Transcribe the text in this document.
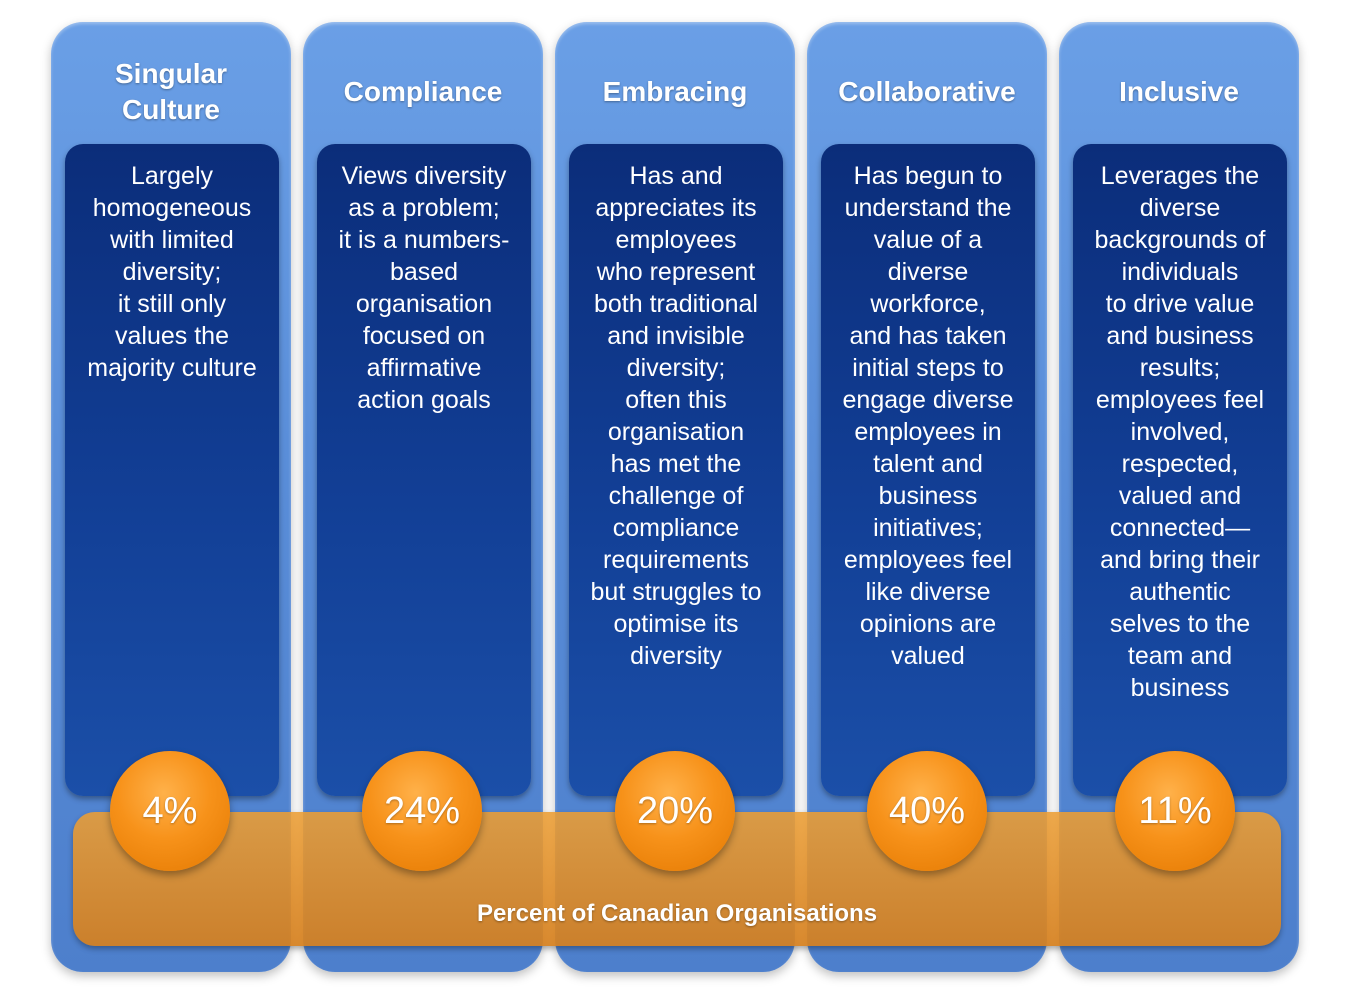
Singular
Culture
Largely
homogeneous
with limited
diversity;
it still only
values the
majority culture
Compliance
Views diversity
as a problem;
it is a numbers-
based
organisation
focused on
affirmative
action goals
Embracing
Has and
appreciates its
employees
who represent
both traditional
and invisible
diversity;
often this
organisation
has met the
challenge of
compliance
requirements
but struggles to
optimise its
diversity
Collaborative
Has begun to
understand the
value of a
diverse
workforce,
and has taken
initial steps to
engage diverse
employees in
talent and
business
initiatives;
employees feel
like diverse
opinions are
valued
Inclusive
Leverages the
diverse
backgrounds of
individuals
to drive value
and business
results;
employees feel
involved,
respected,
valued and
connected—
and bring their
authentic
selves to the
team and
business
Percent of Canadian Organisations
4%	24%	20%	40%	11%
